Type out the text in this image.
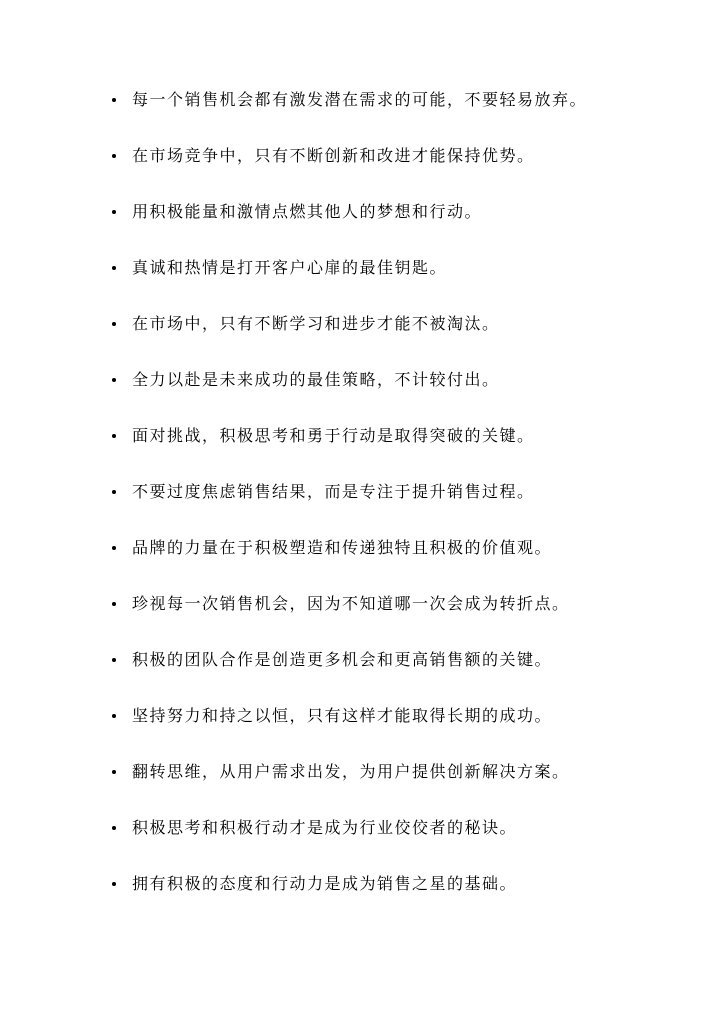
每一个销售机会都有激发潜在需求的可能，不要轻易放弃。
在市场竞争中，只有不断创新和改进才能保持优势。
用积极能量和激情点燃其他人的梦想和行动。
真诚和热情是打开客户心扉的最佳钥匙。
在市场中，只有不断学习和进步才能不被淘汰。
全力以赴是未来成功的最佳策略，不计较付出。
面对挑战，积极思考和勇于行动是取得突破的关键。
不要过度焦虑销售结果，而是专注于提升销售过程。
品牌的力量在于积极塑造和传递独特且积极的价值观。
珍视每一次销售机会，因为不知道哪一次会成为转折点。
积极的团队合作是创造更多机会和更高销售额的关键。
坚持努力和持之以恒，只有这样才能取得长期的成功。
翻转思维，从用户需求出发，为用户提供创新解决方案。
积极思考和积极行动才是成为行业佼佼者的秘诀。
拥有积极的态度和行动力是成为销售之星的基础。
